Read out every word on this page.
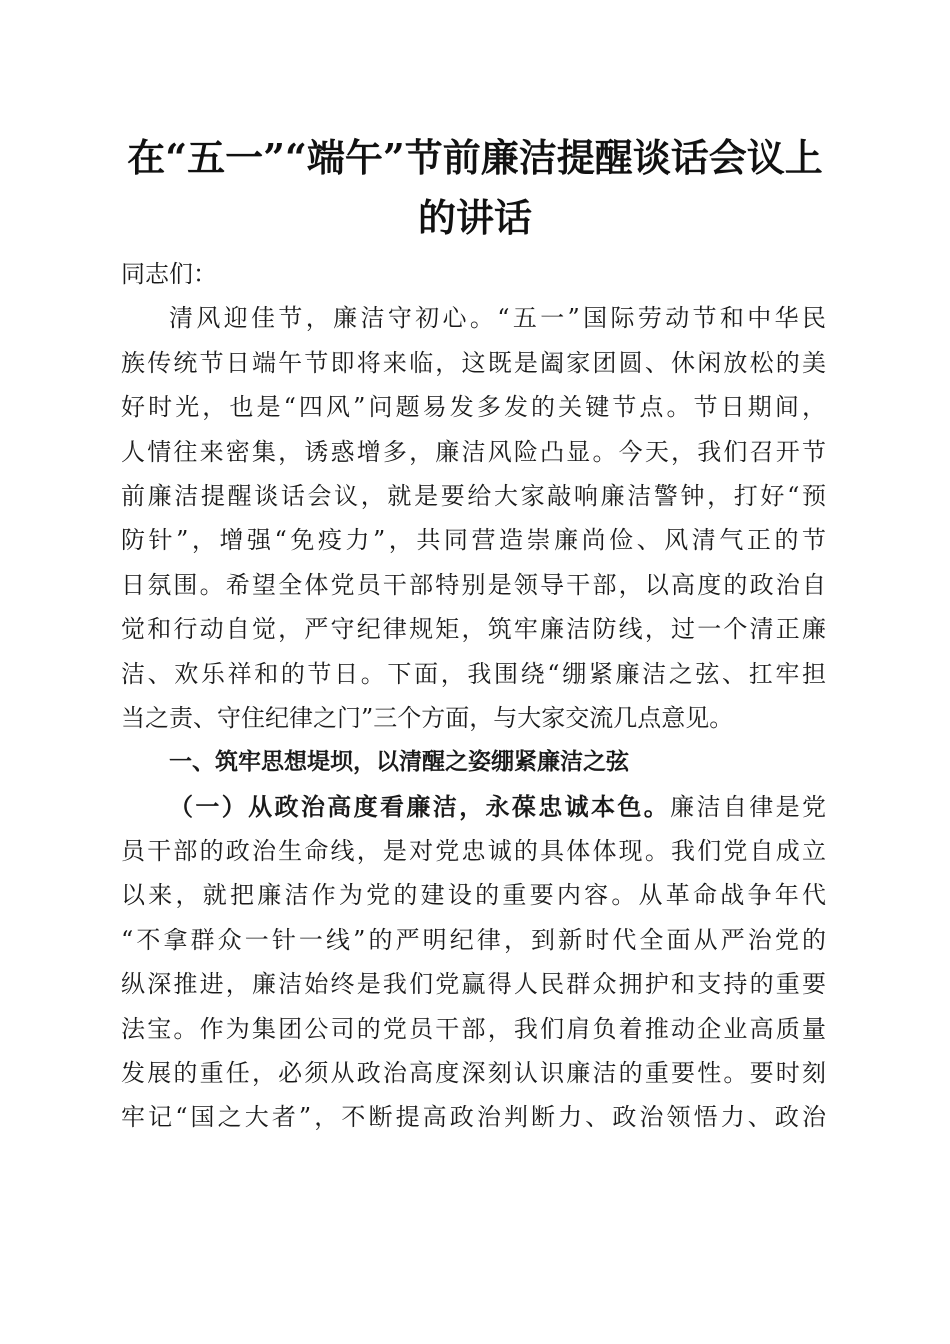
在“五一”“端午”节前廉洁提醒谈话会议上
的讲话
同志们：
清风迎佳节，廉洁守初心。“五一”国际劳动节和中华民
族传统节日端午节即将来临，这既是阖家团圆、休闲放松的美
好时光，也是“四风”问题易发多发的关键节点。节日期间，
人情往来密集，诱惑增多，廉洁风险凸显。今天，我们召开节
前廉洁提醒谈话会议，就是要给大家敲响廉洁警钟，打好“预
防针”，增强“免疫力”，共同营造崇廉尚俭、风清气正的节
日氛围。希望全体党员干部特别是领导干部，以高度的政治自
觉和行动自觉，严守纪律规矩，筑牢廉洁防线，过一个清正廉
洁、欢乐祥和的节日。下面，我围绕“绷紧廉洁之弦、扛牢担
当之责、守住纪律之门”三个方面，与大家交流几点意见。
一、筑牢思想堤坝，以清醒之姿绷紧廉洁之弦
（一）从政治高度看廉洁，永葆忠诚本色。廉洁自律是党
员干部的政治生命线，是对党忠诚的具体体现。我们党自成立
以来，就把廉洁作为党的建设的重要内容。从革命战争年代
“不拿群众一针一线”的严明纪律，到新时代全面从严治党的
纵深推进，廉洁始终是我们党赢得人民群众拥护和支持的重要
法宝。作为集团公司的党员干部，我们肩负着推动企业高质量
发展的重任，必须从政治高度深刻认识廉洁的重要性。要时刻
牢记“国之大者”，不断提高政治判断力、政治领悟力、政治
